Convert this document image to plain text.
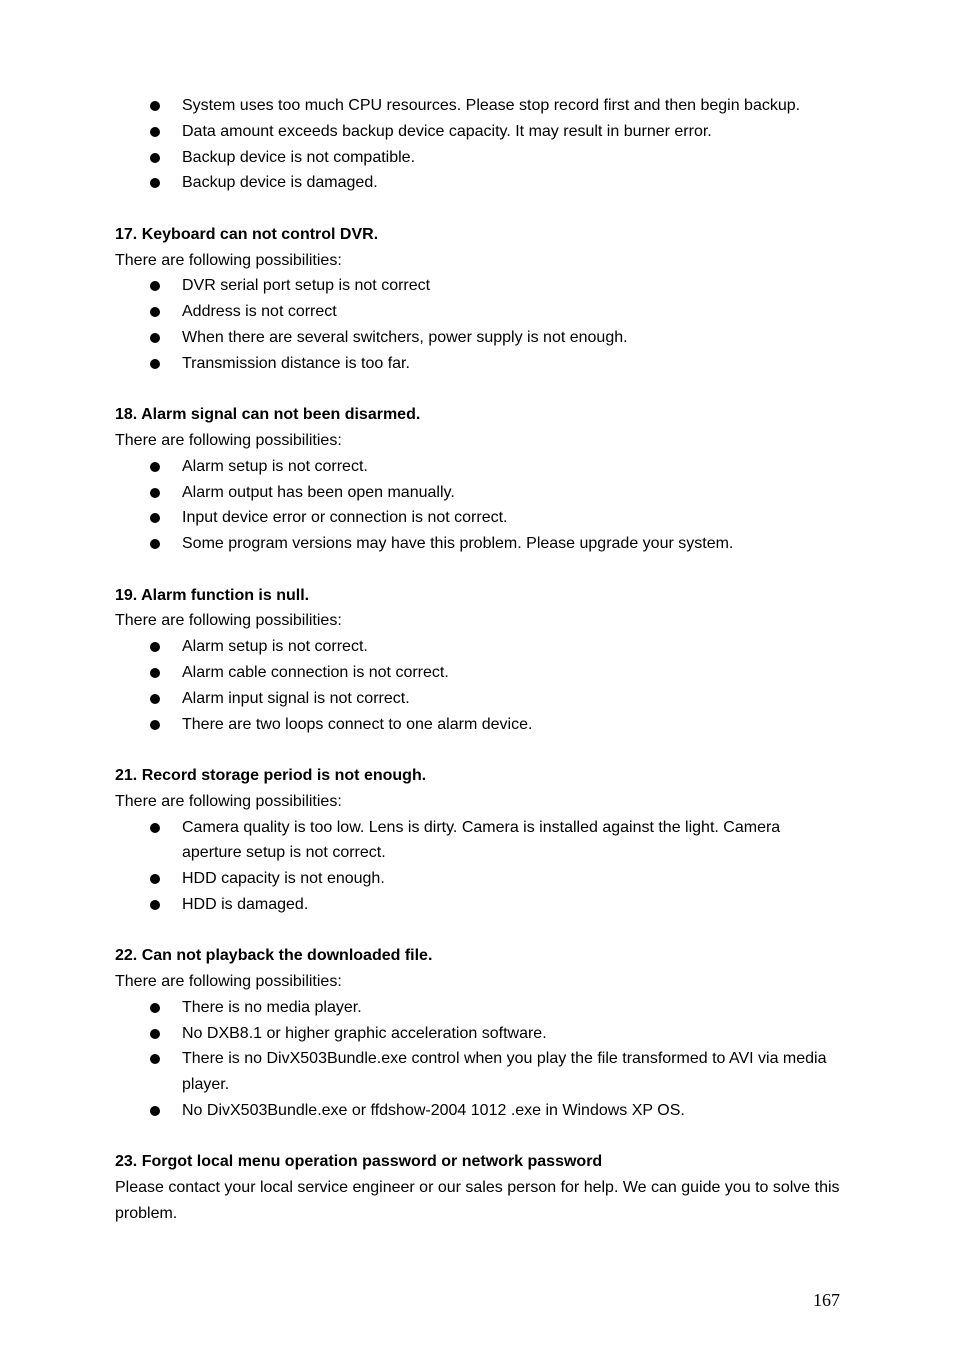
System uses too much CPU resources. Please stop record first and then begin backup.
Data amount exceeds backup device capacity. It may result in burner error.
Backup device is not compatible.
Backup device is damaged.

17. Keyboard can not control DVR.

There are following possibilities:

DVR serial port setup is not correct
Address is not correct
When there are several switchers, power supply is not enough.
Transmission distance is too far.

18. Alarm signal can not been disarmed.

There are following possibilities:

Alarm setup is not correct.
Alarm output has been open manually.
Input device error or connection is not correct.
Some program versions may have this problem. Please upgrade your system.

19. Alarm function is null.

There are following possibilities:

Alarm setup is not correct.
Alarm cable connection is not correct.
Alarm input signal is not correct.
There are two loops connect to one alarm device.

21. Record storage period is not enough.

There are following possibilities:

Camera quality is too low. Lens is dirty. Camera is installed against the light. Camera aperture setup is not correct.
HDD capacity is not enough.
HDD is damaged.

22. Can not playback the downloaded file.

There are following possibilities:

There is no media player.
No DXB8.1 or higher graphic acceleration software.
There is no DivX503Bundle.exe control when you play the file transformed to AVI via media player.
No DivX503Bundle.exe or ffdshow-2004 1012 .exe in Windows XP OS.

23. Forgot local menu operation password or network password

Please contact your local service engineer or our sales person for help. We can guide you to solve this problem.

167
